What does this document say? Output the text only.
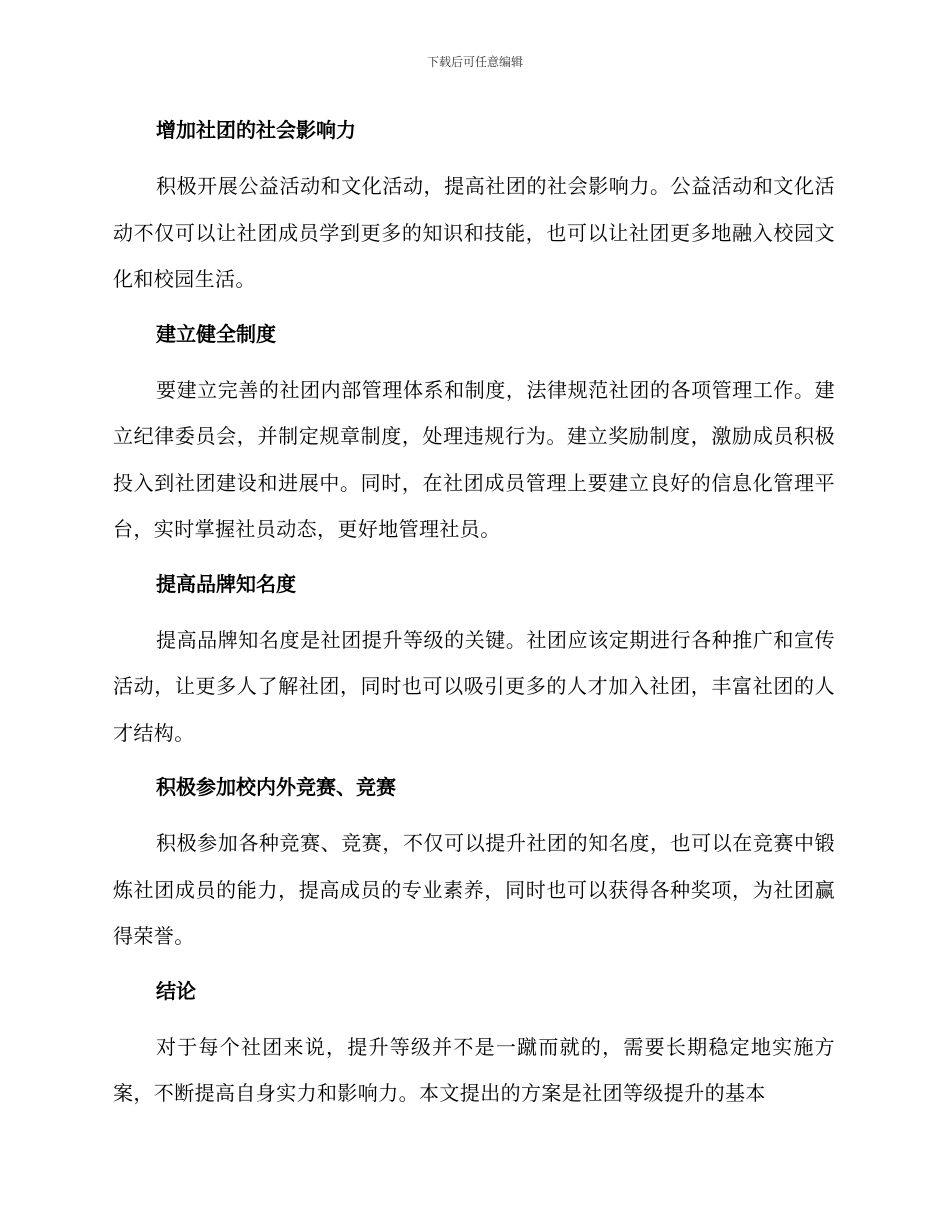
下载后可任意编辑
增加社团的社会影响力

积极开展公益活动和文化活动，提高社团的社会影响力。公益活动和文化活动不仅可以让社团成员学到更多的知识和技能，也可以让社团更多地融入校园文化和校园生活。

建立健全制度

要建立完善的社团内部管理体系和制度，法律规范社团的各项管理工作。建立纪律委员会，并制定规章制度，处理违规行为。建立奖励制度，激励成员积极投入到社团建设和进展中。同时，在社团成员管理上要建立良好的信息化管理平台，实时掌握社员动态，更好地管理社员。

提高品牌知名度

提高品牌知名度是社团提升等级的关键。社团应该定期进行各种推广和宣传活动，让更多人了解社团，同时也可以吸引更多的人才加入社团，丰富社团的人才结构。

积极参加校内外竞赛、竞赛

积极参加各种竞赛、竞赛，不仅可以提升社团的知名度，也可以在竞赛中锻炼社团成员的能力，提高成员的专业素养，同时也可以获得各种奖项，为社团赢得荣誉。

结论

对于每个社团来说，提升等级并不是一蹴而就的，需要长期稳定地实施方案，不断提高自身实力和影响力。本文提出的方案是社团等级提升的基本
